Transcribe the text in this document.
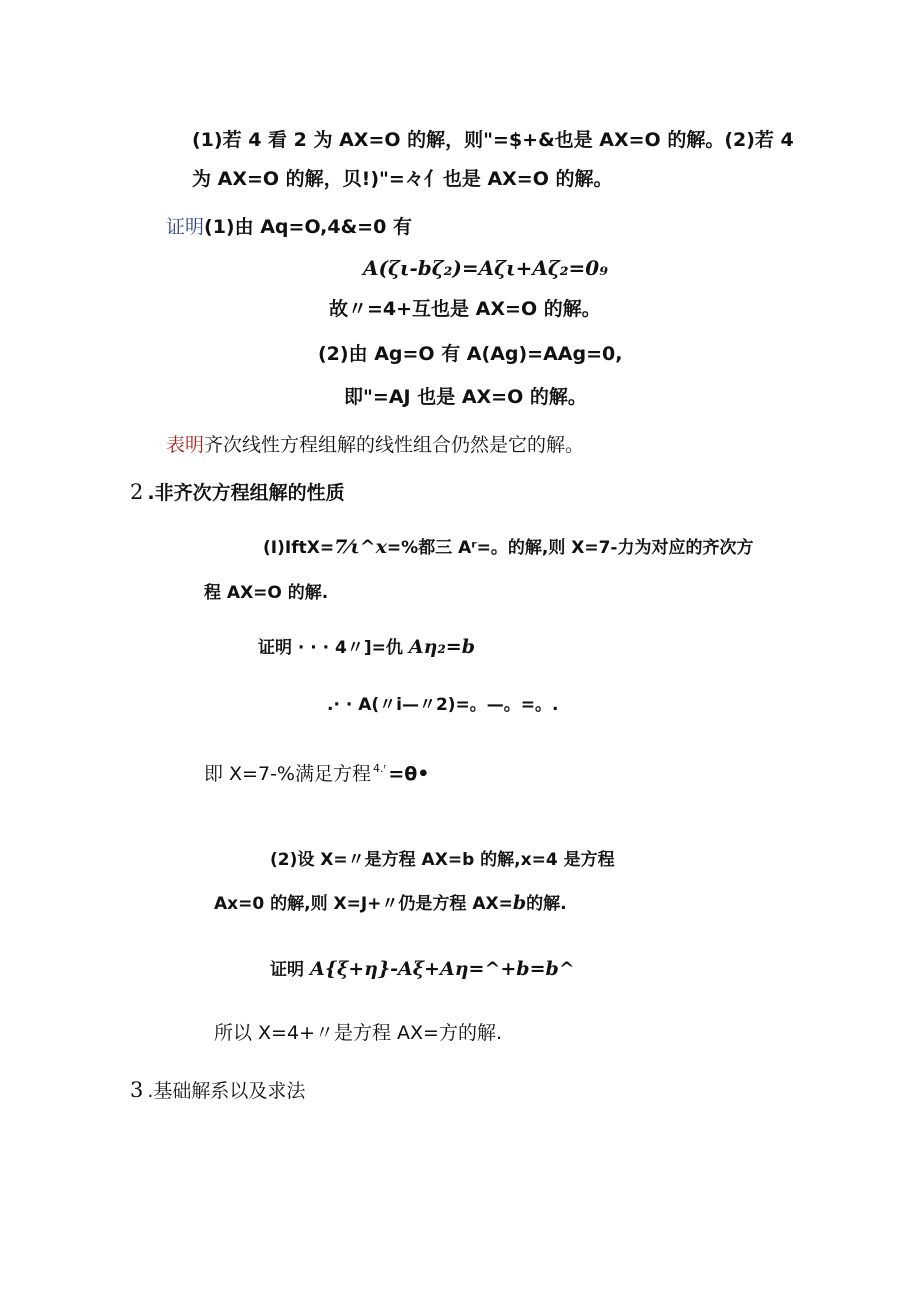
(1)若 4 看 2 为 AX=O 的解，则"=$+&也是 AX=O 的解。(2)若 4
为 AX=O 的解，贝!)"=々亻也是 AX=O 的解。
证明(1)由 Aq=O,4&=0 有
A(ζι-bζ₂)=Aζι+Aζ₂=0₉
故〃=4+互也是 AX=O 的解。
(2)由 Ag=O 有 A(Ag)=AAg=0,
即"=AJ 也是 AX=O 的解。
表明齐次线性方程组解的线性组合仍然是它的解。
2 .非齐次方程组解的性质
(I)IftX=7⁄ι^x=%都三 Aʳ=。的解,则 X=7-力为对应的齐次方
程 AX=O 的解.
证明 · · · 4〃]=仇 Aη₂=b
.· · A(〃i—〃2)=。—。=。.
即 X=7-%满足方程 $^{4.ʳ}$ =θ•
(2)设 X=〃是方程 AX=b 的解,x=4 是方程
Ax=0 的解,则 X=J+〃仍是方程 AX=b的解.
证明 A{ξ+η}-Aξ+Aη=^+b=b^
所以 X=4+〃是方程 AX=方的解.
3 .基础解系以及求法
